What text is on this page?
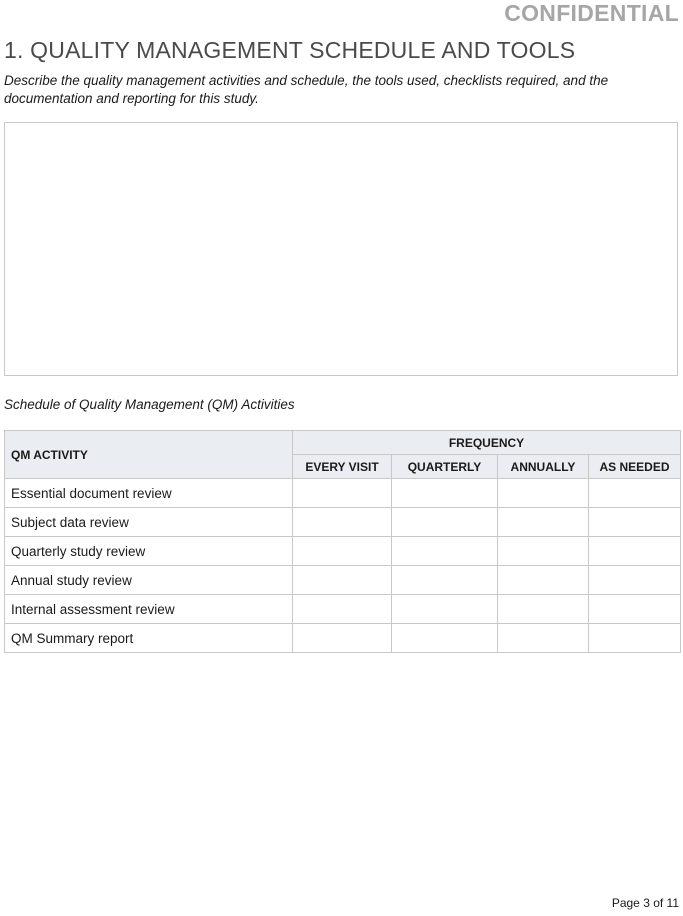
CONFIDENTIAL
1. QUALITY MANAGEMENT SCHEDULE AND TOOLS

Describe the quality management activities and schedule, the tools used, checklists required, and the documentation and reporting for this study.

Schedule of Quality Management (QM) Activities

QM ACTIVITY	FREQUENCY			
	EVERY VISIT	QUARTERLY	ANNUALLY	AS NEEDED
Essential document review				
Subject data review				
Quarterly study review				
Annual study review				
Internal assessment review				
QM Summary report				
Page 3 of 11
